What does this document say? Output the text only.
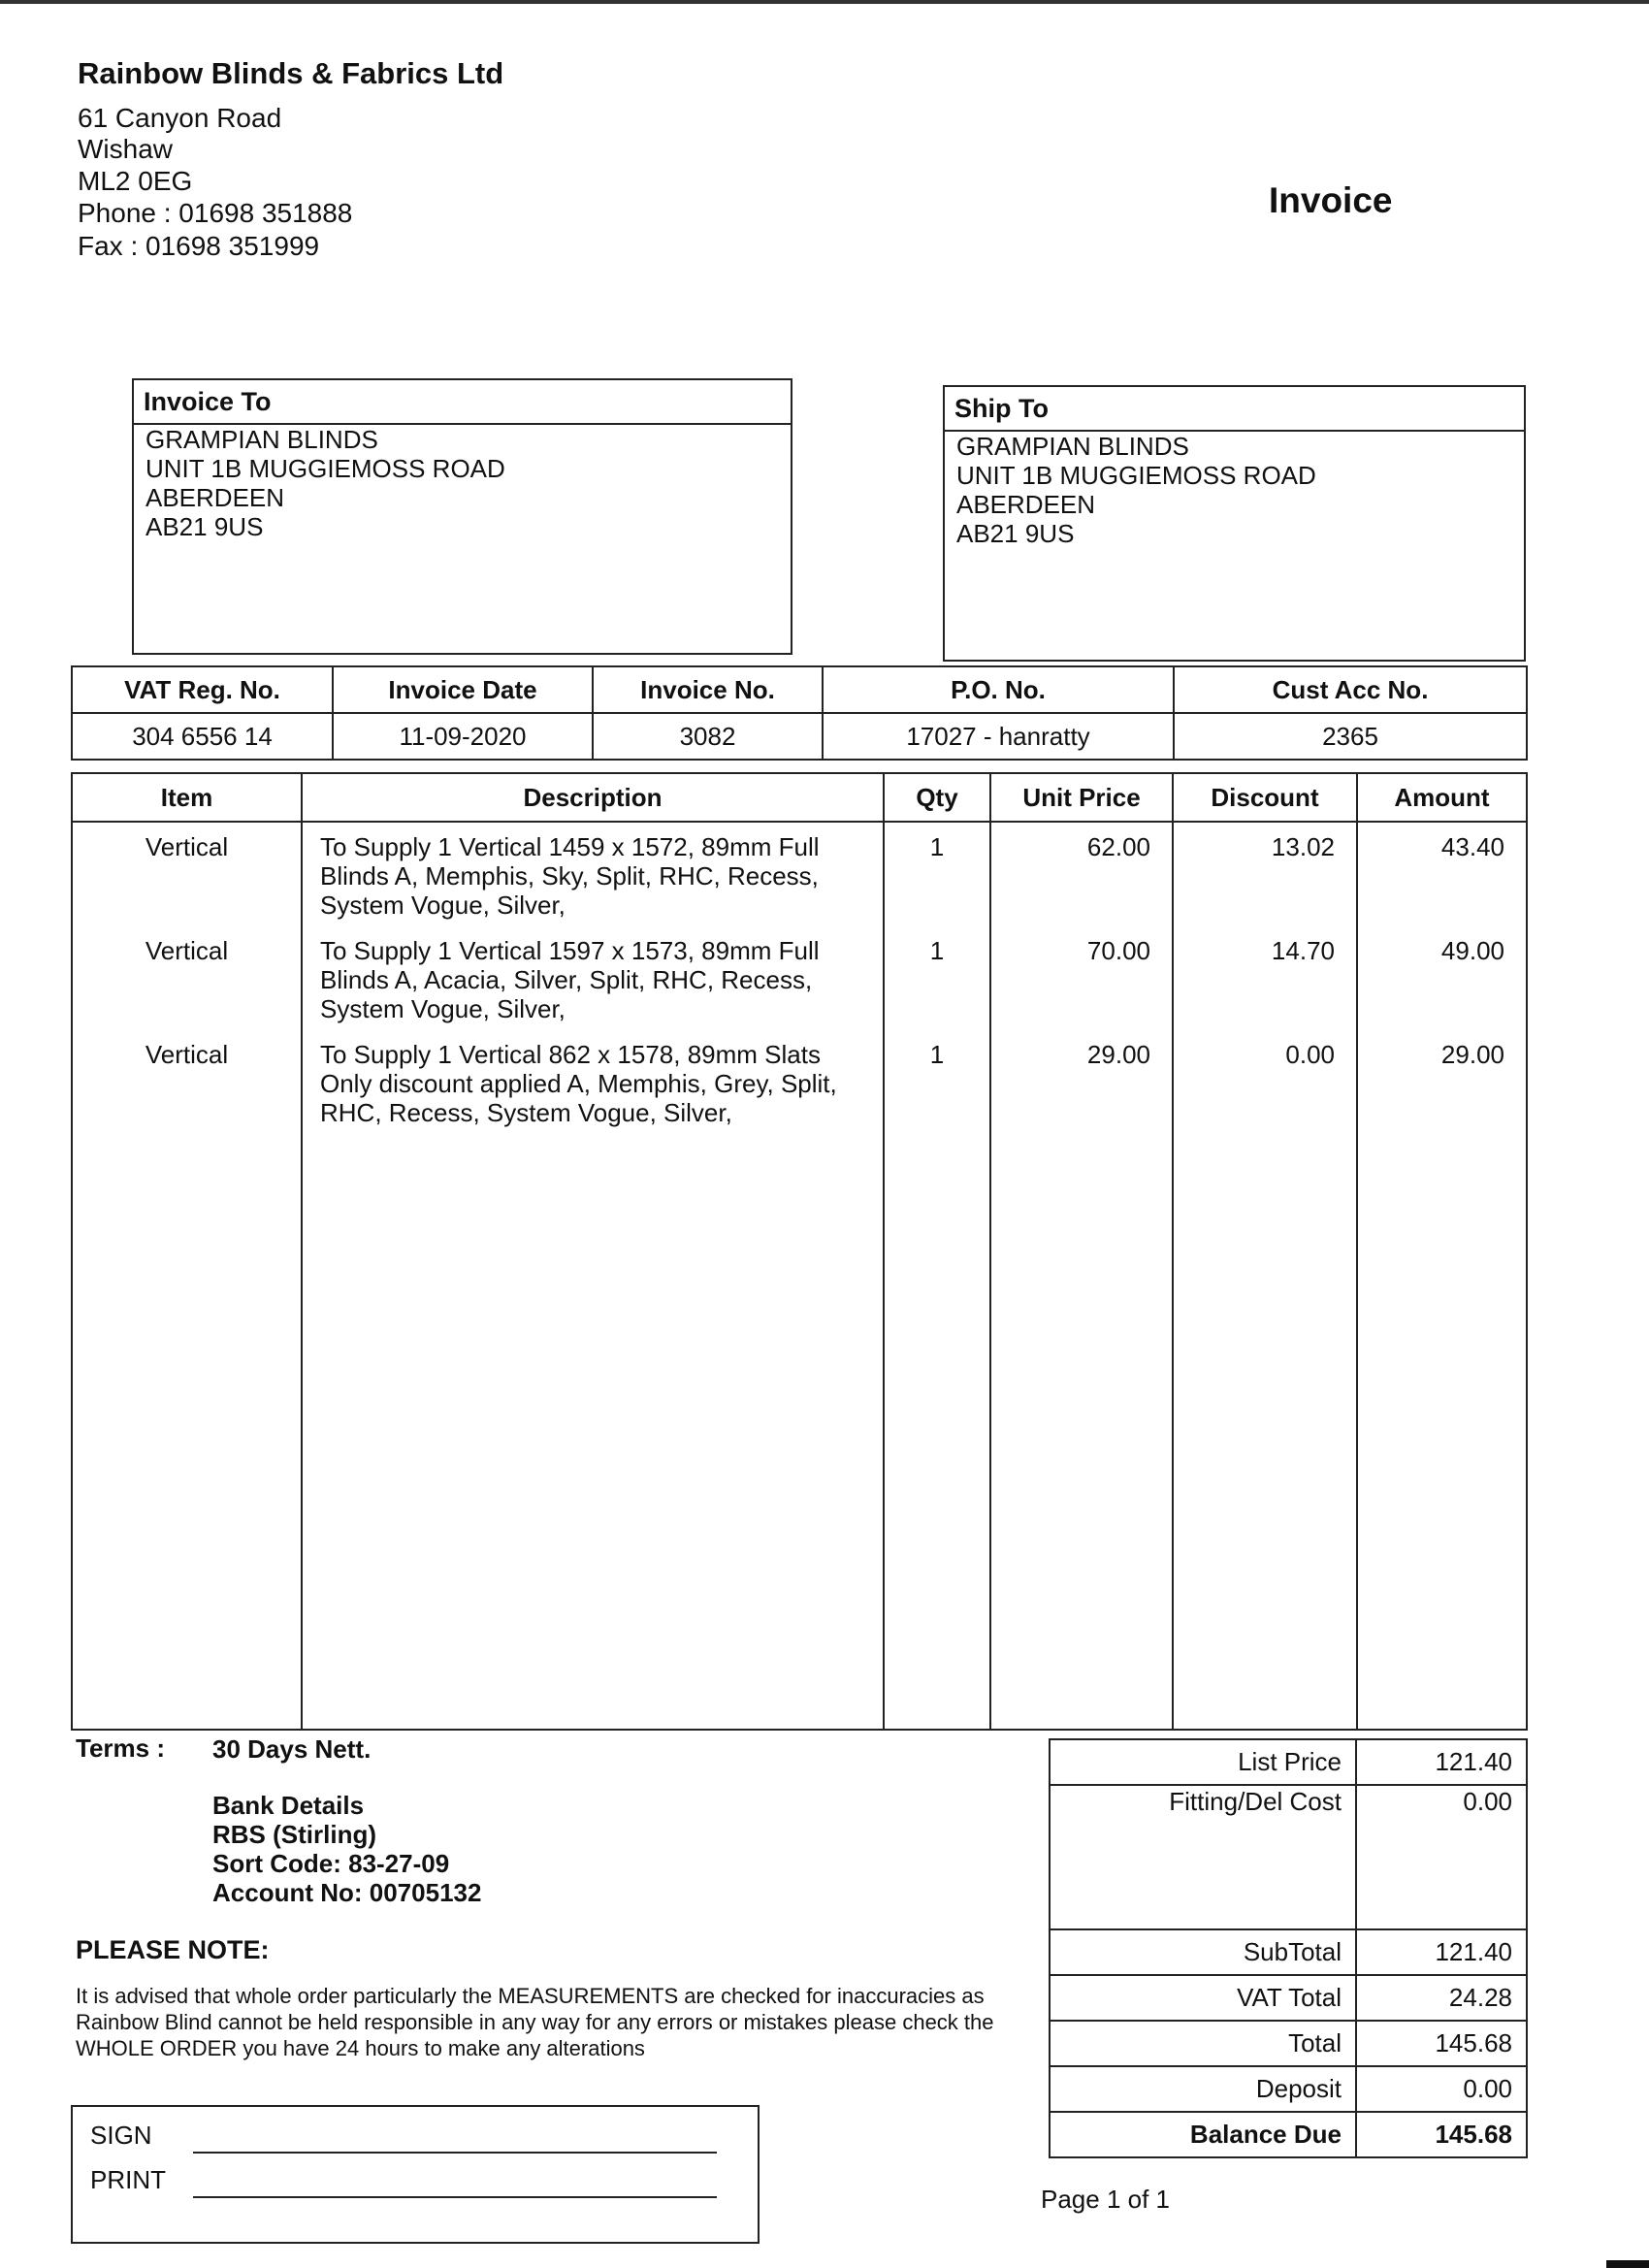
Rainbow Blinds & Fabrics Ltd
61 Canyon Road
Wishaw
ML2 0EG
Phone : 01698 351888
Fax : 01698 351999
Invoice
Invoice To
GRAMPIAN BLINDS
UNIT 1B MUGGIEMOSS ROAD
ABERDEEN
AB21 9US
Ship To
GRAMPIAN BLINDS
UNIT 1B MUGGIEMOSS ROAD
ABERDEEN
AB21 9US
VAT Reg. No.	Invoice Date	Invoice No.	P.O. No.	Cust Acc No.
304 6556 14	11-09-2020	3082	17027 - hanratty	2365
Item	Description	Qty	Unit Price	Discount	Amount
Vertical	To Supply 1 Vertical 1459 x 1572, 89mm Full
Blinds A, Memphis, Sky, Split, RHC, Recess,
System Vogue, Silver,	1	62.00	13.02	43.40
Vertical	To Supply 1 Vertical 1597 x 1573, 89mm Full
Blinds A, Acacia, Silver, Split, RHC, Recess,
System Vogue, Silver,	1	70.00	14.70	49.00
Vertical	To Supply 1 Vertical 862 x 1578, 89mm Slats
Only discount applied A, Memphis, Grey, Split,
RHC, Recess, System Vogue, Silver,	1	29.00	0.00	29.00

Terms : 30 Days Nett.
Bank Details
RBS (Stirling)
Sort Code: 83-27-09
Account No: 00705132
PLEASE NOTE:
It is advised that whole order particularly the MEASUREMENTS are checked for inaccuracies as Rainbow Blind cannot be held responsible in any way for any errors or mistakes please check the WHOLE ORDER you have 24 hours to make any alterations
SIGN
PRINT
List Price	121.40
Fitting/Del Cost	0.00

SubTotal	121.40
VAT Total	24.28
Total	145.68
Deposit	0.00
Balance Due	145.68
Page 1 of 1
